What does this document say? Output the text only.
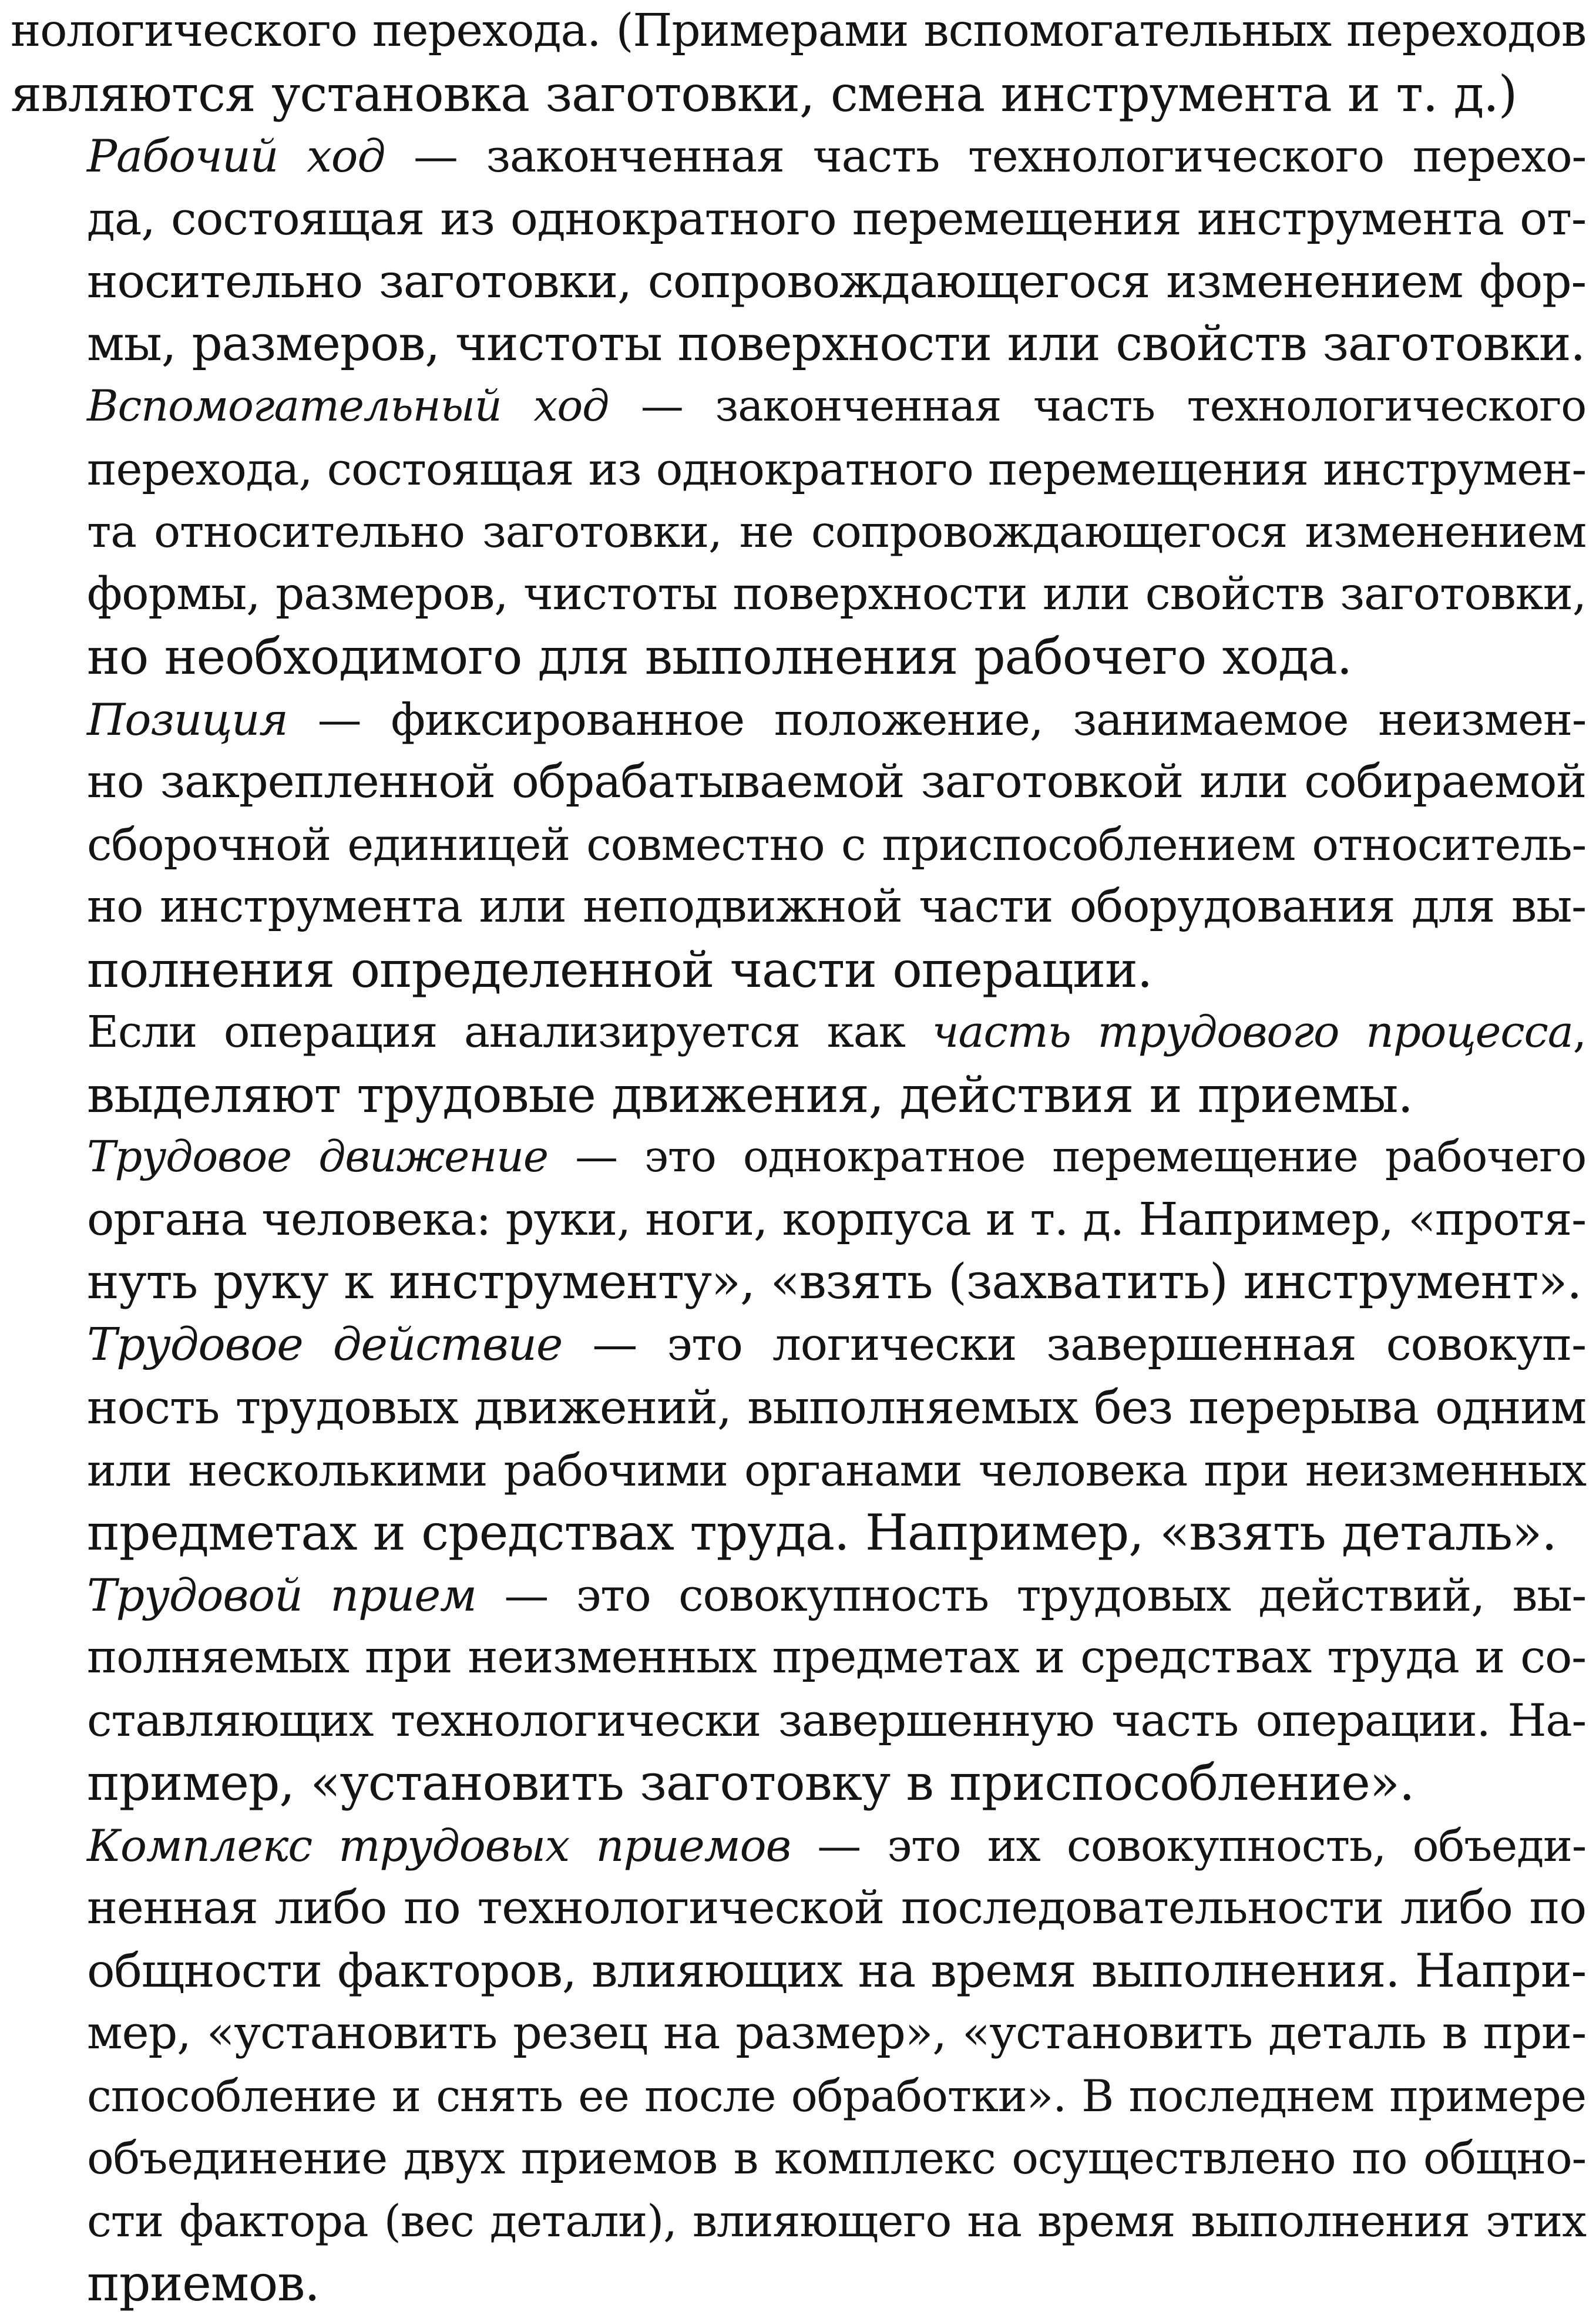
нологического перехода. (Примерами вспомогательных переходов
являются установка заготовки, смена инструмента и т. д.)
Рабочий ход — законченная часть технологического перехо-
да, состоящая из однократного перемещения инструмента от-
носительно заготовки, сопровождающегося изменением фор-
мы, размеров, чистоты поверхности или свойств заготовки.
Вспомогательный ход — законченная часть технологического
перехода, состоящая из однократного перемещения инструмен-
та относительно заготовки, не сопровождающегося изменением
формы, размеров, чистоты поверхности или свойств заготовки,
но необходимого для выполнения рабочего хода.
Позиция — фиксированное положение, занимаемое неизмен-
но закрепленной обрабатываемой заготовкой или собираемой
сборочной единицей совместно с приспособлением относитель-
но инструмента или неподвижной части оборудования для вы-
полнения определенной части операции.
Если операция анализируется как часть трудового процесса,
выделяют трудовые движения, действия и приемы.
Трудовое движение — это однократное перемещение рабочего
органа человека: руки, ноги, корпуса и т. д. Например, «протя-
нуть руку к инструменту», «взять (захватить) инструмент».
Трудовое действие — это логически завершенная совокуп-
ность трудовых движений, выполняемых без перерыва одним
или несколькими рабочими органами человека при неизменных
предметах и средствах труда. Например, «взять деталь».
Трудовой прием — это совокупность трудовых действий, вы-
полняемых при неизменных предметах и средствах труда и со-
ставляющих технологически завершенную часть операции. На-
пример, «установить заготовку в приспособление».
Комплекс трудовых приемов — это их совокупность, объеди-
ненная либо по технологической последовательности либо по
общности факторов, влияющих на время выполнения. Напри-
мер, «установить резец на размер», «установить деталь в при-
способление и снять ее после обработки». В последнем примере
объединение двух приемов в комплекс осуществлено по общно-
сти фактора (вес детали), влияющего на время выполнения этих
приемов.
